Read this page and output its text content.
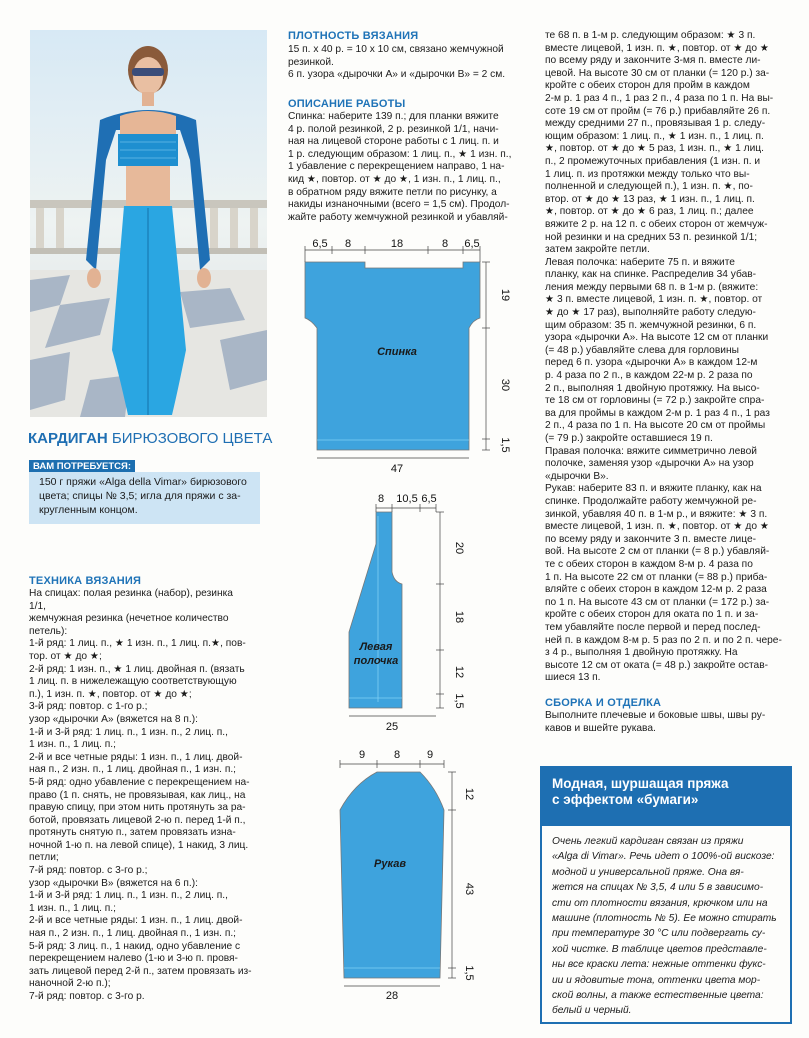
КАРДИГАН БИРЮЗОВОГО ЦВЕТА
ВАМ ПОТРЕБУЕТСЯ:
150 г пряжи «Alga della Vimar» бирюзового
цвета; спицы № 3,5; игла для пряжи с за-
кругленным концом.
ТЕХНИКА ВЯЗАНИЯ
На спицах: полая резинка (набор), резинка
1/1,
жемчужная резинка (нечетное количество
петель):
1-й ряд: 1 лиц. п., ★ 1 изн. п., 1 лиц. п.★, пов-
тор. от ★ до ★;
2-й ряд: 1 изн. п., ★ 1 лиц. двойная п. (вязать
1 лиц. п. в нижележащую соответствующую
п.), 1 изн. п. ★, повтор. от ★ до ★;
3-й ряд: повтор. с 1-го р.;
узор «дырочки А» (вяжется на 8 п.):
1-й и 3-й ряд: 1 лиц. п., 1 изн. п., 2 лиц. п.,
1 изн. п., 1 лиц. п.;
2-й и все четные ряды: 1 изн. п., 1 лиц. двой-
ная п., 2 изн. п., 1 лиц. двойная п., 1 изн. п.;
5-й ряд: одно убавление с перекрещением на-
право (1 п. снять, не провязывая, как лиц., на
правую спицу, при этом нить протянуть за ра-
ботой, провязать лицевой 2-ю п. перед 1-й п.,
протянуть снятую п., затем провязать изна-
ночной 1-ю п. на левой спице), 1 накид, 3 лиц.
петли;
7-й ряд: повтор. с 3-го р.;
узор «дырочки В» (вяжется на 6 п.):
1-й и 3-й ряд: 1 лиц. п., 1 изн. п., 2 лиц. п.,
1 изн. п., 1 лиц. п.;
2-й и все четные ряды: 1 изн. п., 1 лиц. двой-
ная п., 2 изн. п., 1 лиц. двойная п., 1 изн. п.;
5-й ряд: 3 лиц. п., 1 накид, одно убавление с
перекрещением налево (1-ю и 3-ю п. провя-
зать лицевой перед 2-й п., затем провязать из-
наночной 2-ю п.);
7-й ряд: повтор. с 3-го р.
ПЛОТНОСТЬ ВЯЗАНИЯ
15 п. x 40 р. = 10 x 10 см, связано жемчужной
резинкой.
6 п. узора «дырочки А» и «дырочки В» = 2 см.
ОПИСАНИЕ РАБОТЫ
Спинка: наберите 139 п.; для планки вяжите
4 р. полой резинкой, 2 р. резинкой 1/1, начи-
ная на лицевой стороне работы с 1 лиц. п. и
1 р. следующим образом: 1 лиц. п., ★ 1 изн. п.,
1 убавление с перекрещением направо, 1 на-
кид ★, повтор. от ★ до ★, 1 изн. п., 1 лиц. п.,
в обратном ряду вяжите петли по рисунку, а
накиды изнаночными (всего = 1,5 см). Продол-
жайте работу жемчужной резинкой и убавляй-
6,5 8	18	8 6,5
19
30
1,5
Спинка
47
8 10,5 6,5
20
18
12
1,5
Левая
полочка
25
9	8 9
12
43
1,5
Рукав
28
те 68 п. в 1-м р. следующим образом: ★ 3 п.
вместе лицевой, 1 изн. п. ★, повтор. от ★ до ★
по всему ряду и закончите 3-мя п. вместе ли-
цевой. На высоте 30 см от планки (= 120 р.) за-
кройте с обеих сторон для пройм в каждом
2-м р. 1 раз 4 п., 1 раз 2 п., 4 раза по 1 п. На вы-
соте 19 см от пройм (= 76 р.) прибавляйте 26 п.
между средними 27 п., провязывая 1 р. следу-
ющим образом: 1 лиц. п., ★ 1 изн. п., 1 лиц. п.
★, повтор. от ★ до ★ 5 раз, 1 изн. п., ★ 1 лиц.
п., 2 промежуточных прибавления (1 изн. п. и
1 лиц. п. из протяжки между только что вы-
полненной и следующей п.), 1 изн. п. ★, по-
втор. от ★ до ★ 13 раз, ★ 1 изн. п., 1 лиц. п.
★, повтор. от ★ до ★ 6 раз, 1 лиц. п.; далее
вяжите 2 р. на 12 п. с обеих сторон от жемчуж-
ной резинки и на средних 53 п. резинкой 1/1;
затем закройте петли.
Левая полочка: наберите 75 п. и вяжите
планку, как на спинке. Распределив 34 убав-
ления между первыми 68 п. в 1-м р. (вяжите:
★ 3 п. вместе лицевой, 1 изн. п. ★, повтор. от
★ до ★ 17 раз), выполняйте работу следую-
щим образом: 35 п. жемчужной резинки, 6 п.
узора «дырочки А». На высоте 12 см от планки
(= 48 р.) убавляйте слева для горловины
перед 6 п. узора «дырочки А» в каждом 12-м
р. 4 раза по 2 п., в каждом 22-м р. 2 раза по
2 п., выполняя 1 двойную протяжку. На высо-
те 18 см от горловины (= 72 р.) закройте спра-
ва для проймы в каждом 2-м р. 1 раз 4 п., 1 раз
2 п., 4 раза по 1 п. На высоте 20 см от проймы
(= 79 р.) закройте оставшиеся 19 п.
Правая полочка: вяжите симметрично левой
полочке, заменяя узор «дырочки А» на узор
«дырочки В».
Рукав: наберите 83 п. и вяжите планку, как на
спинке. Продолжайте работу жемчужной ре-
зинкой, убавляя 40 п. в 1-м р., и вяжите: ★ 3 п.
вместе лицевой, 1 изн. п. ★, повтор. от ★ до ★
по всему ряду и закончите 3 п. вместе лице-
вой. На высоте 2 см от планки (= 8 р.) убавляй-
те с обеих сторон в каждом 8-м р. 4 раза по
1 п. На высоте 22 см от планки (= 88 р.) приба-
вляйте с обеих сторон в каждом 12-м р. 2 раза
по 1 п. На высоте 43 см от планки (= 172 р.) за-
кройте с обеих сторон для оката по 1 п. и за-
тем убавляйте после первой и перед послед-
ней п. в каждом 8-м р. 5 раз по 2 п. и по 2 п. чере-
з 4 р., выполняя 1 двойную протяжку. На
высоте 12 см от оката (= 48 р.) закройте остав-
шиеся 13 п.
СБОРКА И ОТДЕЛКА
Выполните плечевые и боковые швы, швы ру-
кавов и вшейте рукава.
Модная, шуршащая пряжа
с эффектом «бумаги»
Очень легкий кардиган связан из пряжи
«Alga di Vimar». Речь идет о 100%-ой вискозе:
модной и универсальной пряже. Она вя-
жется на спицах № 3,5, 4 или 5 в зависимо-
сти от плотности вязания, крючком или на
машине (плотность № 5). Ее можно стирать
при температуре 30 °С или подвергать су-
хой чистке. В таблице цветов представле-
ны все краски лета: нежные оттенки фукс-
ии и ядовитые тона, оттенки цвета мор-
ской волны, а также естественные цвета:
белый и черный.
